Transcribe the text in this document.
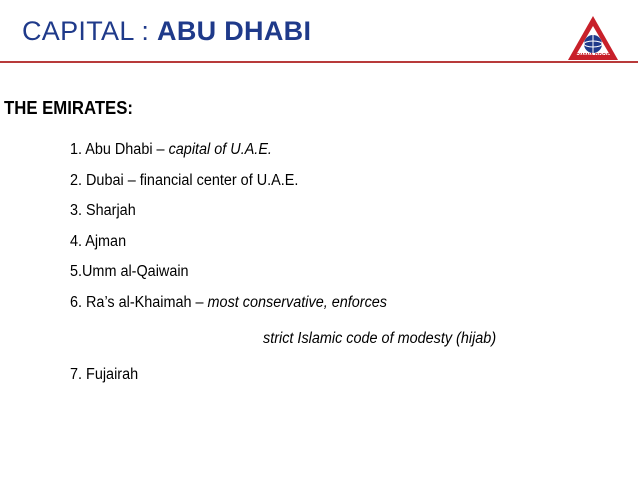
CAPITAL : ABU DHABI
OWWA PDOS
THE EMIRATES:
1. Abu Dhabi – capital of U.A.E.
2. Dubai – financial center of U.A.E.
3. Sharjah
4. Ajman
5.Umm al-Qaiwain
6. Ra’s al-Khaimah – most conservative, enforces
strict Islamic code of modesty (hijab)
7. Fujairah
